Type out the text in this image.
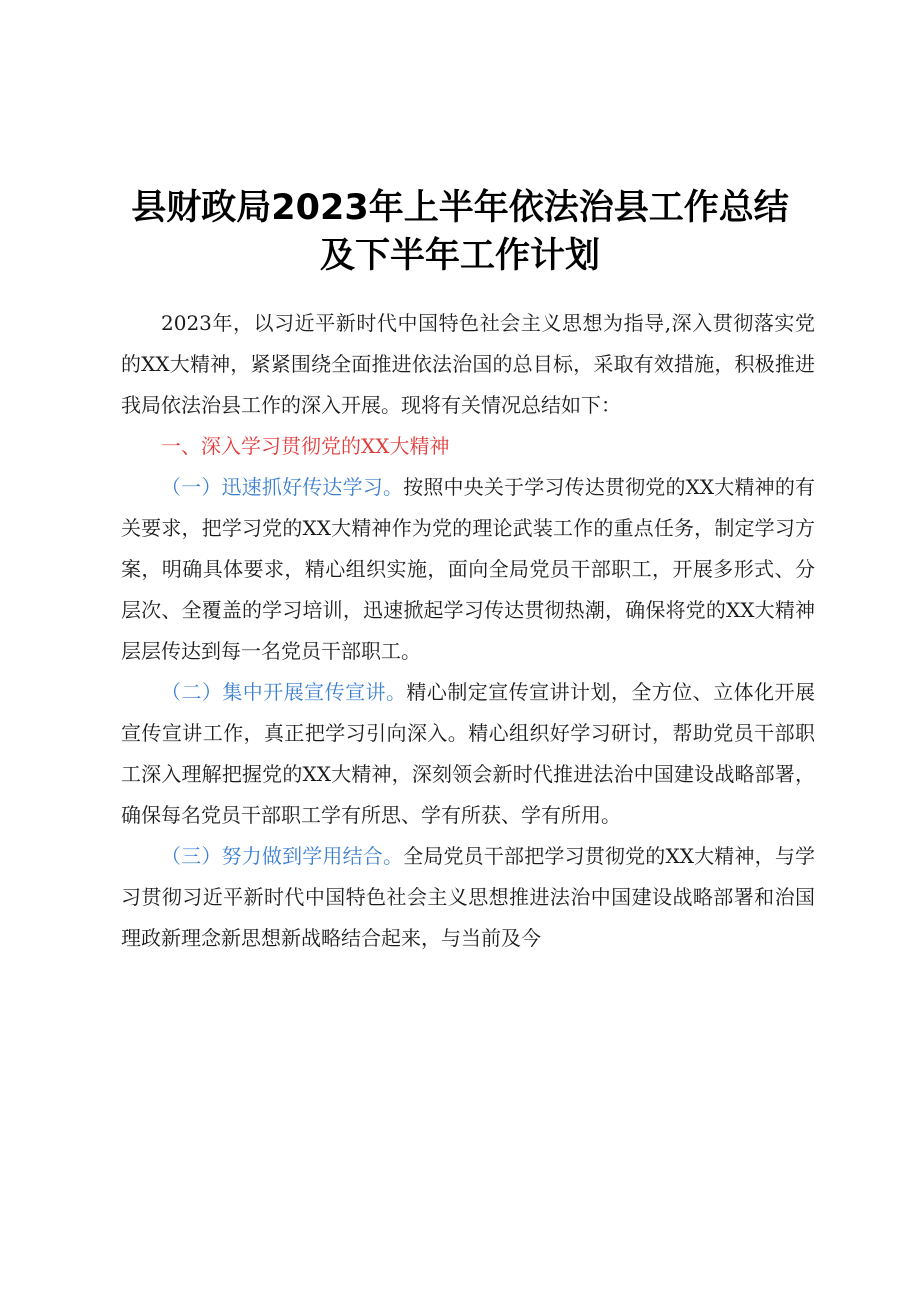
县财政局2023年上半年依法治县工作总结
及下半年工作计划

2023年，以习近平新时代中国特色社会主义思想为指导,深入贯彻落实党的XX大精神，紧紧围绕全面推进依法治国的总目标，采取有效措施，积极推进我局依法治县工作的深入开展。现将有关情况总结如下：

一、深入学习贯彻党的XX大精神

（一）迅速抓好传达学习。按照中央关于学习传达贯彻党的XX大精神的有关要求，把学习党的XX大精神作为党的理论武装工作的重点任务，制定学习方案，明确具体要求，精心组织实施，面向全局党员干部职工，开展多形式、分层次、全覆盖的学习培训，迅速掀起学习传达贯彻热潮，确保将党的XX大精神层层传达到每一名党员干部职工。

（二）集中开展宣传宣讲。精心制定宣传宣讲计划，全方位、立体化开展宣传宣讲工作，真正把学习引向深入。精心组织好学习研讨，帮助党员干部职工深入理解把握党的XX大精神，深刻领会新时代推进法治中国建设战略部署，确保每名党员干部职工学有所思、学有所获、学有所用。

（三）努力做到学用结合。全局党员干部把学习贯彻党的XX大精神，与学习贯彻习近平新时代中国特色社会主义思想推进法治中国建设战略部署和治国理政新理念新思想新战略结合起来，与当前及今
